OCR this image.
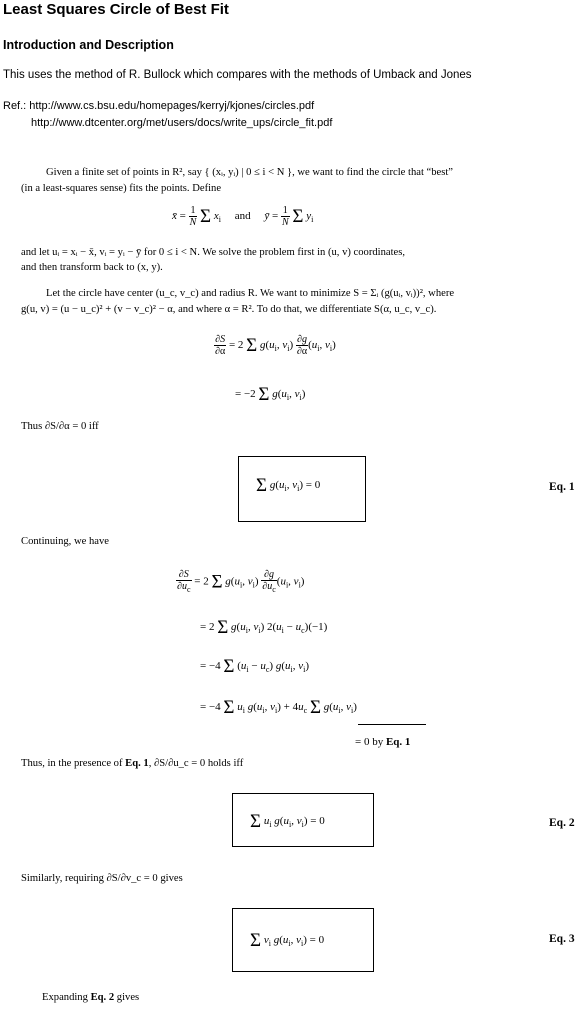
Least Squares Circle of Best Fit
Introduction and Description
This uses the method of R. Bullock which compares with the methods of Umback and Jones
Ref.: http://www.cs.bsu.edu/homepages/kerryj/kjones/circles.pdf
http://www.dtcenter.org/met/users/docs/write_ups/circle_fit.pdf
Given a finite set of points in R², say { (xᵢ, yᵢ) | 0 ≤ i < N }, we want to find the circle that “best”
(in a least-squares sense) fits the points. Define
x̄ = $\frac{1}{N}$ Σ $x_i$ and ȳ = $\frac{1}{N}$ Σ $y_i$
and let uᵢ = xᵢ − x̄, vᵢ = yᵢ − ȳ for 0 ≤ i < N. We solve the problem first in (u, v) coordinates,
and then transform back to (x, y).
Let the circle have center (u_c, v_c) and radius R. We want to minimize S = Σᵢ (g(uᵢ, vᵢ))², where
g(u, v) = (u − u_c)² + (v − v_c)² − α, and where α = R². To do that, we differentiate S(α, u_c, v_c).
$\frac{\partial S}{\partial\alpha} = 2$ Σ $g(u_i$, $v_i) \frac{\partial g}{\partial\alpha} (u_i$, $v_i$)
= −2 Σ $g(u_i$, $v_i$)
Thus ∂S/∂α = 0 iff
Σ $g(u_i$, $v_i) = 0$	Eq. 1
Continuing, we have
$\frac{\partial S}{\partial u_c} = 2$ Σ $g(u_i$, $v_i) \frac{\partial g}{\partial u_c} (u_i$, $v_i$)
= 2 Σ $g(u_i$, $v_i$) $2(u_i - u_c)(-1)$
= −4 Σ $(u_i - u_c)$ $g(u_i$, $v_i$)
= −4 Σ $u_i$ $g(u_i$, $v_i) + 4u_c$ Σ $g(u_i$, $v_i$)
= 0 by Eq. 1
Thus, in the presence of Eq. 1, ∂S/∂u_c = 0 holds iff
Σ $u_i$ $g(u_i$, $v_i) = 0$	Eq. 2
Similarly, requiring ∂S/∂v_c = 0 gives
Σ $v_i$ $g(u_i$, $v_i) = 0$	Eq. 3
Expanding Eq. 2 gives
